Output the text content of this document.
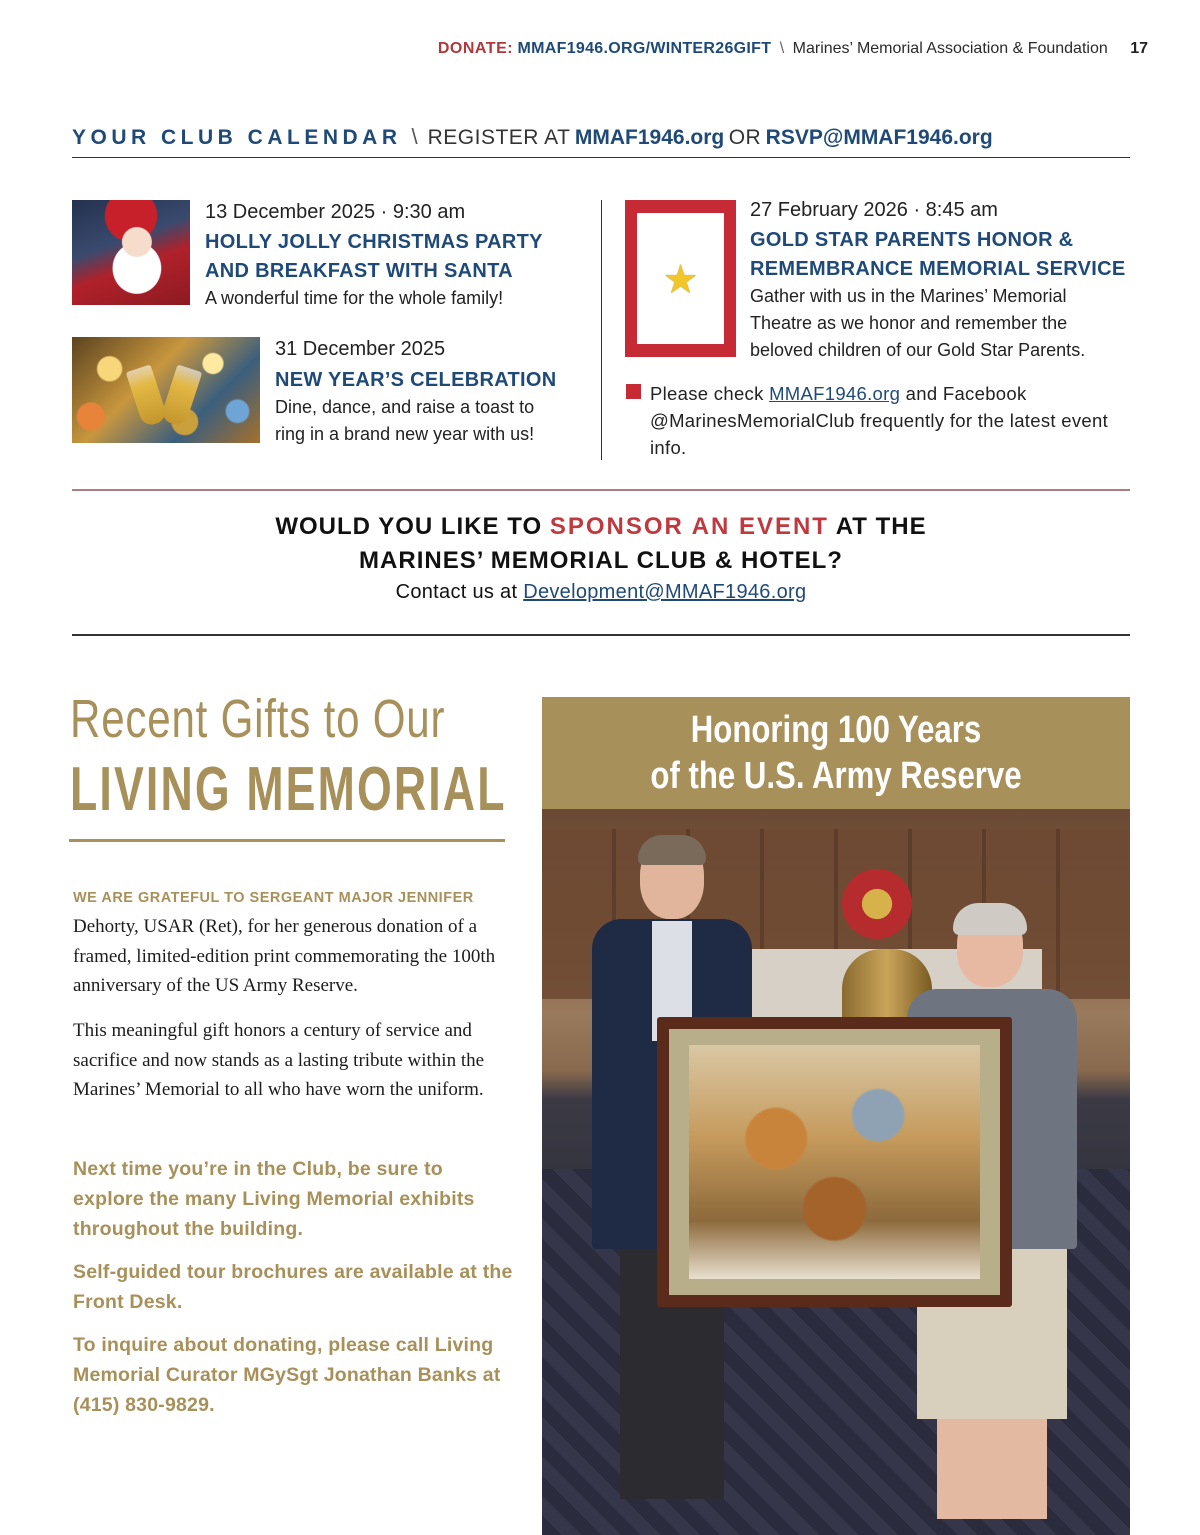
DONATE: MMAF1946.ORG/WINTER26GIFT \ Marines’ Memorial Association & Foundation 17
YOUR CLUB CALENDAR \ REGISTER AT MMAF1946.org OR RSVP@MMAF1946.org
13 December 2025 · 9:30 am
HOLLY JOLLY CHRISTMAS PARTY
AND BREAKFAST WITH SANTA
A wonderful time for the whole family!
31 December 2025
NEW YEAR’S CELEBRATION
Dine, dance, and raise a toast to
ring in a brand new year with us!
★
27 February 2026 · 8:45 am
GOLD STAR PARENTS HONOR &
REMEMBRANCE MEMORIAL SERVICE
Gather with us in the Marines’ Memorial
Theatre as we honor and remember the
beloved children of our Gold Star Parents.
Please check MMAF1946.org and Facebook @MarinesMemorialClub frequently for the latest event info.
WOULD YOU LIKE TO SPONSOR AN EVENT AT THE
MARINES’ MEMORIAL CLUB & HOTEL?
Contact us at Development@MMAF1946.org
Recent Gifts to Our
LIVING MEMORIAL
WE ARE GRATEFUL TO SERGEANT MAJOR JENNIFER
Dehorty, USAR (Ret), for her generous donation of a framed, limited-edition print commemorating the 100th anniversary of the US Army Reserve.
This meaningful gift honors a century of service and sacrifice and now stands as a lasting tribute within the Marines’ Memorial to all who have worn the uniform.
Next time you’re in the Club, be sure to explore the many Living Memorial exhibits throughout the building.
Self-guided tour brochures are available at the Front Desk.
To inquire about donating, please call Living Memorial Curator MGySgt Jonathan Banks at (415) 830-9829.
Honoring 100 Years
of the U.S. Army Reserve
